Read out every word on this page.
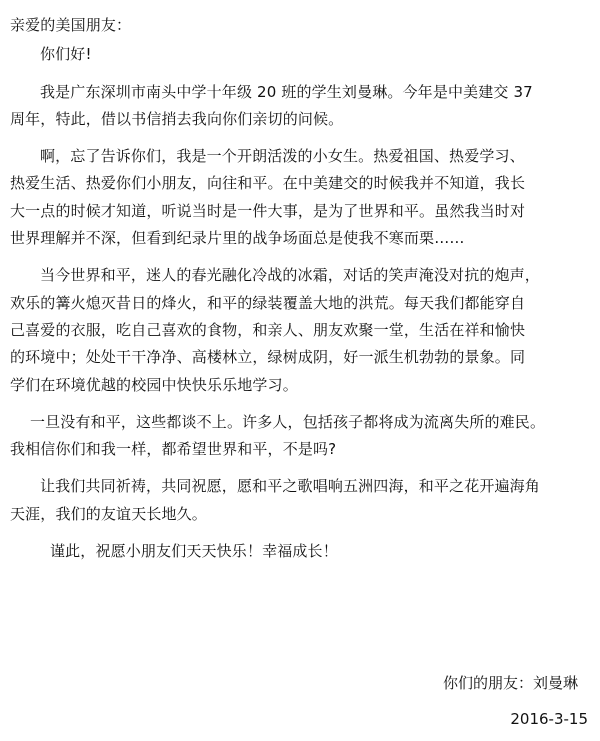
亲爱的美国朋友：
你们好!
我是广东深圳市南头中学十年级 20 班的学生刘曼琳。今年是中美建交 37
周年，特此，借以书信捎去我向你们亲切的问候。
啊，忘了告诉你们，我是一个开朗活泼的小女生。热爱祖国、热爱学习、
热爱生活、热爱你们小朋友，向往和平。在中美建交的时候我并不知道，我长
大一点的时候才知道，听说当时是一件大事，是为了世界和平。虽然我当时对
世界理解并不深，但看到纪录片里的战争场面总是使我不寒而栗……
当今世界和平，迷人的春光融化冷战的冰霜，对话的笑声淹没对抗的炮声，
欢乐的篝火熄灭昔日的烽火，和平的绿装覆盖大地的洪荒。每天我们都能穿自
己喜爱的衣服，吃自己喜欢的食物，和亲人、朋友欢聚一堂，生活在祥和愉快
的环境中；处处干干净净、高楼林立，绿树成阴，好一派生机勃勃的景象。同
学们在环境优越的校园中快快乐乐地学习。
一旦没有和平，这些都谈不上。许多人，包括孩子都将成为流离失所的难民。
我相信你们和我一样，都希望世界和平，不是吗?
让我们共同祈祷，共同祝愿，愿和平之歌唱响五洲四海，和平之花开遍海角
天涯，我们的友谊天长地久。
谨此，祝愿小朋友们天天快乐！幸福成长！
你们的朋友：刘曼琳
2016-3-15
